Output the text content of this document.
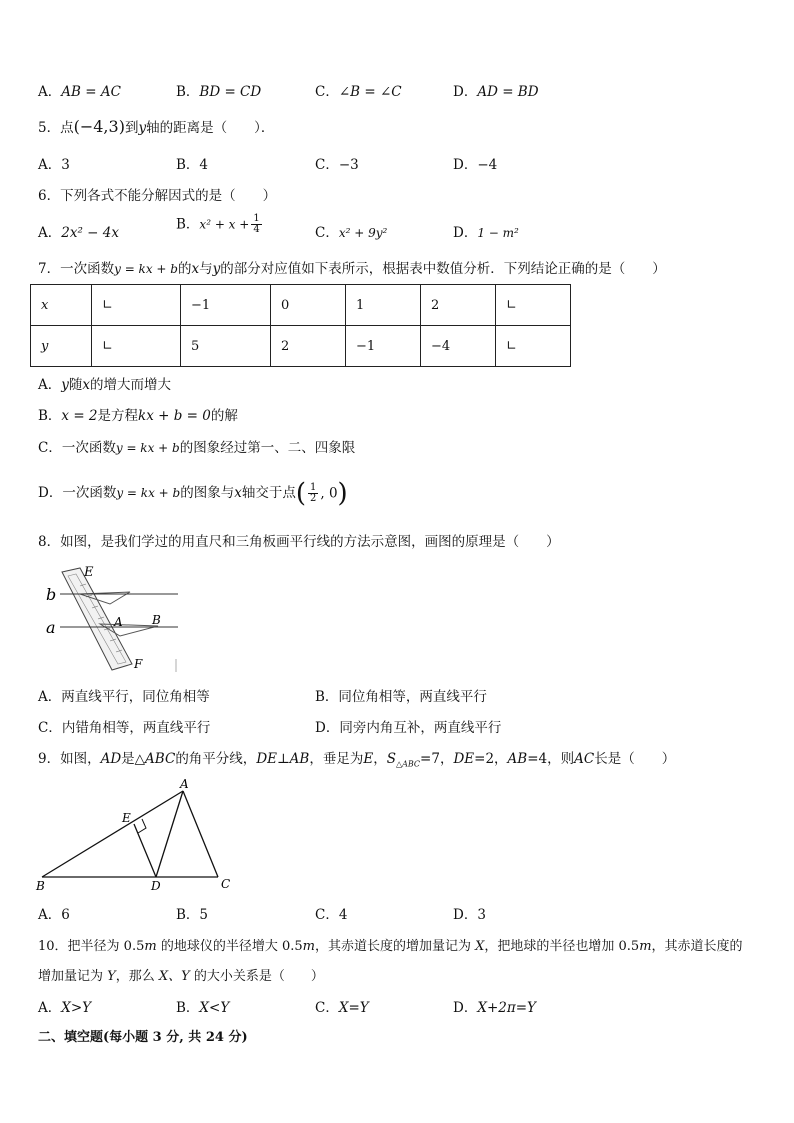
A．AB = AC	B．BD = CD	C．∠B = ∠C	D．AD = BD
5．点(−4,3)到y轴的距离是（　　）．
A．3	B．4	C．−3	D．−4
6．下列各式不能分解因式的是（　　）
A．2x² − 4x
B．$x^2 + x + \frac{1}{4}$	C．x² + 9y²	D．1 − m²
7．一次函数y = kx + b的x与y的部分对应值如下表所示，根据表中数值分析．下列结论正确的是（　　）
x	∟	−1	0	1	2	∟
y	∟	5	2	−1	−4	∟
A．y随x的增大而增大
B．x = 2是方程kx + b = 0的解
C．一次函数y = kx + b的图象经过第一、二、四象限
D．一次函数y = kx + b的图象与x轴交于点( $\frac{1}{2}$ , 0)
8．如图，是我们学过的用直尺和三角板画平行线的方法示意图，画图的原理是（　　）
E
b
a	A B
F
A．两直线平行，同位角相等	B．同位角相等，两直线平行
C．内错角相等，两直线平行	D．同旁内角互补，两直线平行
9．如图，AD是△ABC的角平分线，DE⊥AB，垂足为E，$S_{\triangle ABC}=7$，DE=2，AB=4，则AC长是（　　）
A
E
B	D	C
A．6	B．5	C．4	D．3
10．把半径为 0.5m 的地球仪的半径增大 0.5m，其赤道长度的增加量记为 X，把地球的半径也增加 0.5m，其赤道长度的
增加量记为 Y，那么 X、Y 的大小关系是（　　）
A．X>Y	B．X<Y	C．X=Y	D．X+2π=Y
二、填空题(每小题 3 分, 共 24 分)
